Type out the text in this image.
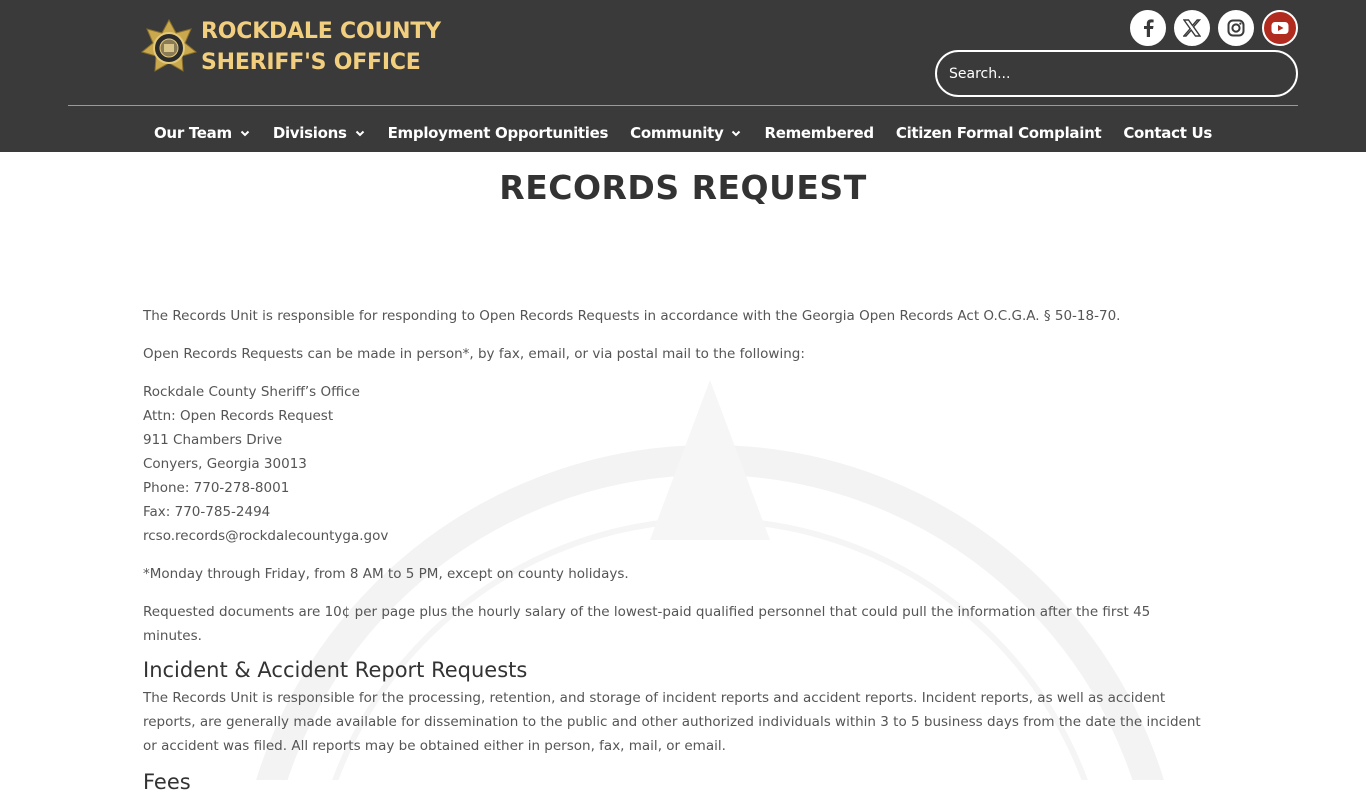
ROCKDALE COUNTY
SHERIFF'S OFFICE
Search...
Our Team	Divisions	Employment Opportunities Community	Remembered Citizen Formal Complaint Contact Us
RECORDS REQUEST

The Records Unit is responsible for responding to Open Records Requests in accordance with the Georgia Open Records Act O.C.G.A. § 50-18-70.

Open Records Requests can be made in person*, by fax, email, or via postal mail to the following:

Rockdale County Sheriff’s Office
Attn: Open Records Request
911 Chambers Drive
Conyers, Georgia 30013
Phone: 770-278-8001
Fax: 770-785-2494
rcso.records@rockdalecountyga.gov

*Monday through Friday, from 8 AM to 5 PM, except on county holidays.

Requested documents are 10¢ per page plus the hourly salary of the lowest-paid qualified personnel that could pull the information after the first 45 minutes.

Incident & Accident Report Requests

The Records Unit is responsible for the processing, retention, and storage of incident reports and accident reports. Incident reports, as well as accident reports, are generally made available for dissemination to the public and other authorized individuals within 3 to 5 business days from the date the incident or accident was filed. All reports may be obtained either in person, fax, mail, or email.

Fees
